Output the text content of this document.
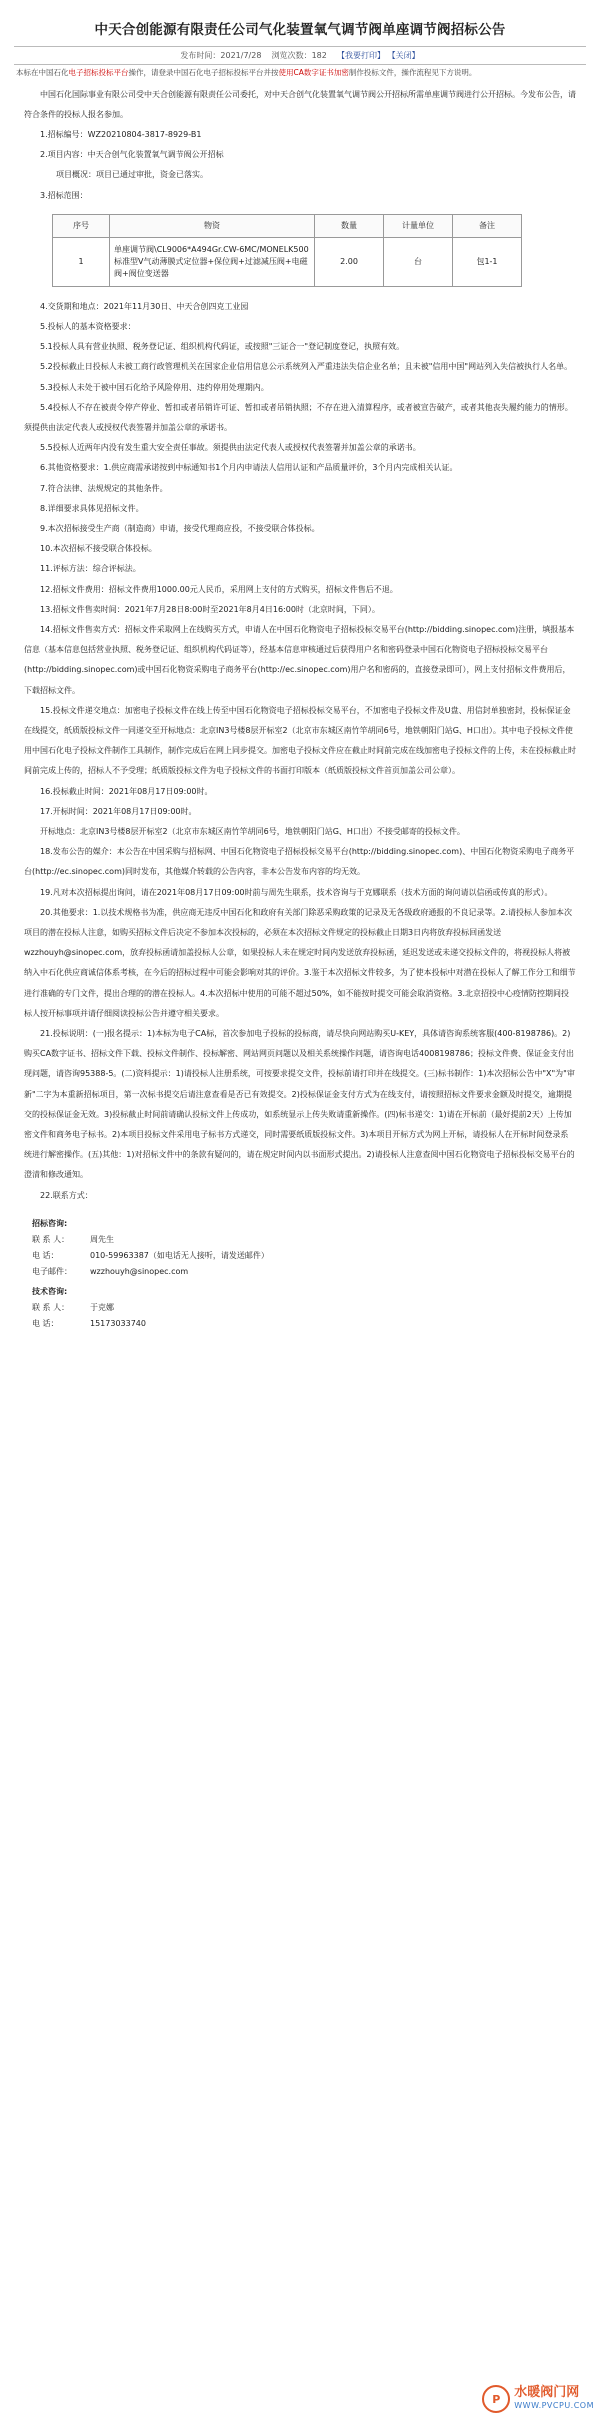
中天合创能源有限责任公司气化装置氧气调节阀单座调节阀招标公告
发布时间：2021/7/28 浏览次数：182 【我要打印】 【关闭】
本标在中国石化电子招标投标平台操作，请登录中国石化电子招标投标平台并按使用CA数字证书加密制作投标文件，操作流程见下方说明。

中国石化国际事业有限公司受中天合创能源有限责任公司委托，对中天合创气化装置氧气调节阀公开招标所需单座调节阀进行公开招标。今发布公告，请符合条件的投标人报名参加。

1.招标编号：WZ20210804-3817-8929-B1

2.项目内容：中天合创气化装置氧气调节阀公开招标

项目概况：项目已通过审批，资金已落实。

3.招标范围：

序号	物资	数量	计量单位	备注
1	单座调节阀\CL9006*A494Gr.CW-6MC/MONELK500标准型V气动薄膜式定位器+保位阀+过滤减压阀+电磁阀+阀位变送器	2.00	台	包1-1

4.交货期和地点：2021年11月30日、中天合创四克工业园

5.投标人的基本资格要求：

5.1投标人具有营业执照、税务登记证、组织机构代码证，或按照"三证合一"登记制度登记，执照有效。

5.2投标截止日投标人未被工商行政管理机关在国家企业信用信息公示系统列入严重违法失信企业名单；且未被"信用中国"网站列入失信被执行人名单。

5.3投标人未处于被中国石化给予风险停用、违约停用处理期内。

5.4投标人不存在被责令停产停业、暂扣或者吊销许可证、暂扣或者吊销执照；不存在进入清算程序，或者被宣告破产，或者其他丧失履约能力的情形。须提供由法定代表人或授权代表签署并加盖公章的承诺书。

5.5投标人近两年内没有发生重大安全责任事故。须提供由法定代表人或授权代表签署并加盖公章的承诺书。

6.其他资格要求：1.供应商需承诺按到中标通知书1个月内申请法人信用认证和产品质量评价，3个月内完成相关认证。

7.符合法律、法规规定的其他条件。

8.详细要求具体见招标文件。

9.本次招标接受生产商（制造商）申请，接受代理商应投，不接受联合体投标。

10.本次招标不接受联合体投标。

11.评标方法：综合评标法。

12.招标文件费用：招标文件费用1000.00元人民币，采用网上支付的方式购买，招标文件售后不退。

13.招标文件售卖时间：2021年7月28日8:00时至2021年8月4日16:00时（北京时间，下同）。

14.招标文件售卖方式：招标文件采取网上在线购买方式，申请人在中国石化物资电子招标投标交易平台(http://bidding.sinopec.com)注册，填报基本信息（基本信息包括营业执照、税务登记证、组织机构代码证等），经基本信息审核通过后获得用户名和密码登录中国石化物资电子招标投标交易平台(http://bidding.sinopec.com)或中国石化物资采购电子商务平台(http://ec.sinopec.com)用户名和密码的，直接登录即可），网上支付招标文件费用后，下载招标文件。

15.投标文件递交地点：加密电子投标文件在线上传至中国石化物资电子招标投标交易平台，不加密电子投标文件及U盘、用信封单独密封，投标保证金在线提交，纸质版投标文件一同递交至开标地点：北京IN3号楼8层开标室2（北京市东城区南竹竿胡同6号，地铁朝阳门站G、H口出）。其中电子投标文件使用中国石化电子投标文件制作工具制作，制作完成后在网上同步提交。加密电子投标文件应在截止时间前完成在线加密电子投标文件的上传，未在投标截止时间前完成上传的，招标人不予受理；纸质版投标文件为电子投标文件的书面打印版本（纸质版投标文件首页加盖公司公章）。

16.投标截止时间：2021年08月17日09:00时。

17.开标时间：2021年08月17日09:00时。

开标地点：北京IN3号楼8层开标室2（北京市东城区南竹竿胡同6号，地铁朝阳门站G、H口出）不接受邮寄的投标文件。

18.发布公告的媒介：本公告在中国采购与招标网、中国石化物资电子招标投标交易平台(http://bidding.sinopec.com)、中国石化物资采购电子商务平台(http://ec.sinopec.com)同时发布，其他媒介转载的公告内容，非本公告发布内容的均无效。

19.凡对本次招标提出询问，请在2021年08月17日09:00时前与周先生联系，技术咨询与于克娜联系（技术方面的询问请以信函或传真的形式）。

20.其他要求：1.以技术规格书为准，供应商无违反中国石化和政府有关部门除恶采购政策的记录及无各级政府通报的不良记录等。2.请投标人参加本次项目的潜在投标人注意，如购买招标文件后决定不参加本次投标的，必须在本次招标文件规定的投标截止日期3日内将放弃投标回函发送wzzhouyh@sinopec.com，放弃投标函请加盖投标人公章，如果投标人未在规定时间内发送放弃投标函，延迟发送或未递交投标文件的，将视投标人将被纳入中石化供应商诚信体系考核，在今后的招标过程中可能会影响对其的评价。3.鉴于本次招标文件较多，为了使本投标中对潜在投标人了解工作分工和细节进行准确的专门文件，提出合理的的潜在投标人。4.本次招标中使用的可能不超过50%，如不能按时提交可能会取消资格。3.北京招投中心疫情防控期间投标人按开标事项并请仔细阅读投标公告并遵守相关要求。

21.投标说明：(一)报名提示：1)本标为电子CA标，首次参加电子投标的投标商，请尽快向网站购买U-KEY，具体请咨询系统客服(400-8198786)。2)购买CA数字证书、招标文件下载、投标文件制作、投标解密、网站网页问题以及相关系统操作问题，请咨询电话4008198786；投标文件费、保证金支付出现问题，请咨询95388-5。(二)资料提示：1)请投标人注册系统，可按要求提交文件，投标前请打印并在线提交。(三)标书制作：1)本次招标公告中"X"为"审新"二字为本重新招标项目，第一次标书提交后请注意查看是否已有效提交。2)投标保证金支付方式为在线支付，请按照招标文件要求金额及时提交，逾期提交的投标保证金无效。3)投标截止时间前请确认投标文件上传成功，如系统显示上传失败请重新操作。(四)标书递交：1)请在开标前（最好提前2天）上传加密文件和商务电子标书。2)本项目投标文件采用电子标书方式递交，同时需要纸质版投标文件。3)本项目开标方式为网上开标，请投标人在开标时间登录系统进行解密操作。(五)其他：1)对招标文件中的条款有疑问的，请在规定时间内以书面形式提出。2)请投标人注意查阅中国石化物资电子招标投标交易平台的澄清和修改通知。

22.联系方式：

招标咨询:
联 系 人：	周先生
电 话：	010-59963387（如电话无人接听，请发送邮件）
电子邮件：	wzzhouyh@sinopec.com
技术咨询:
联 系 人：	于克娜
电 话：	15173033740
P 水暖阀门网
WWW.PVCPU.COM
